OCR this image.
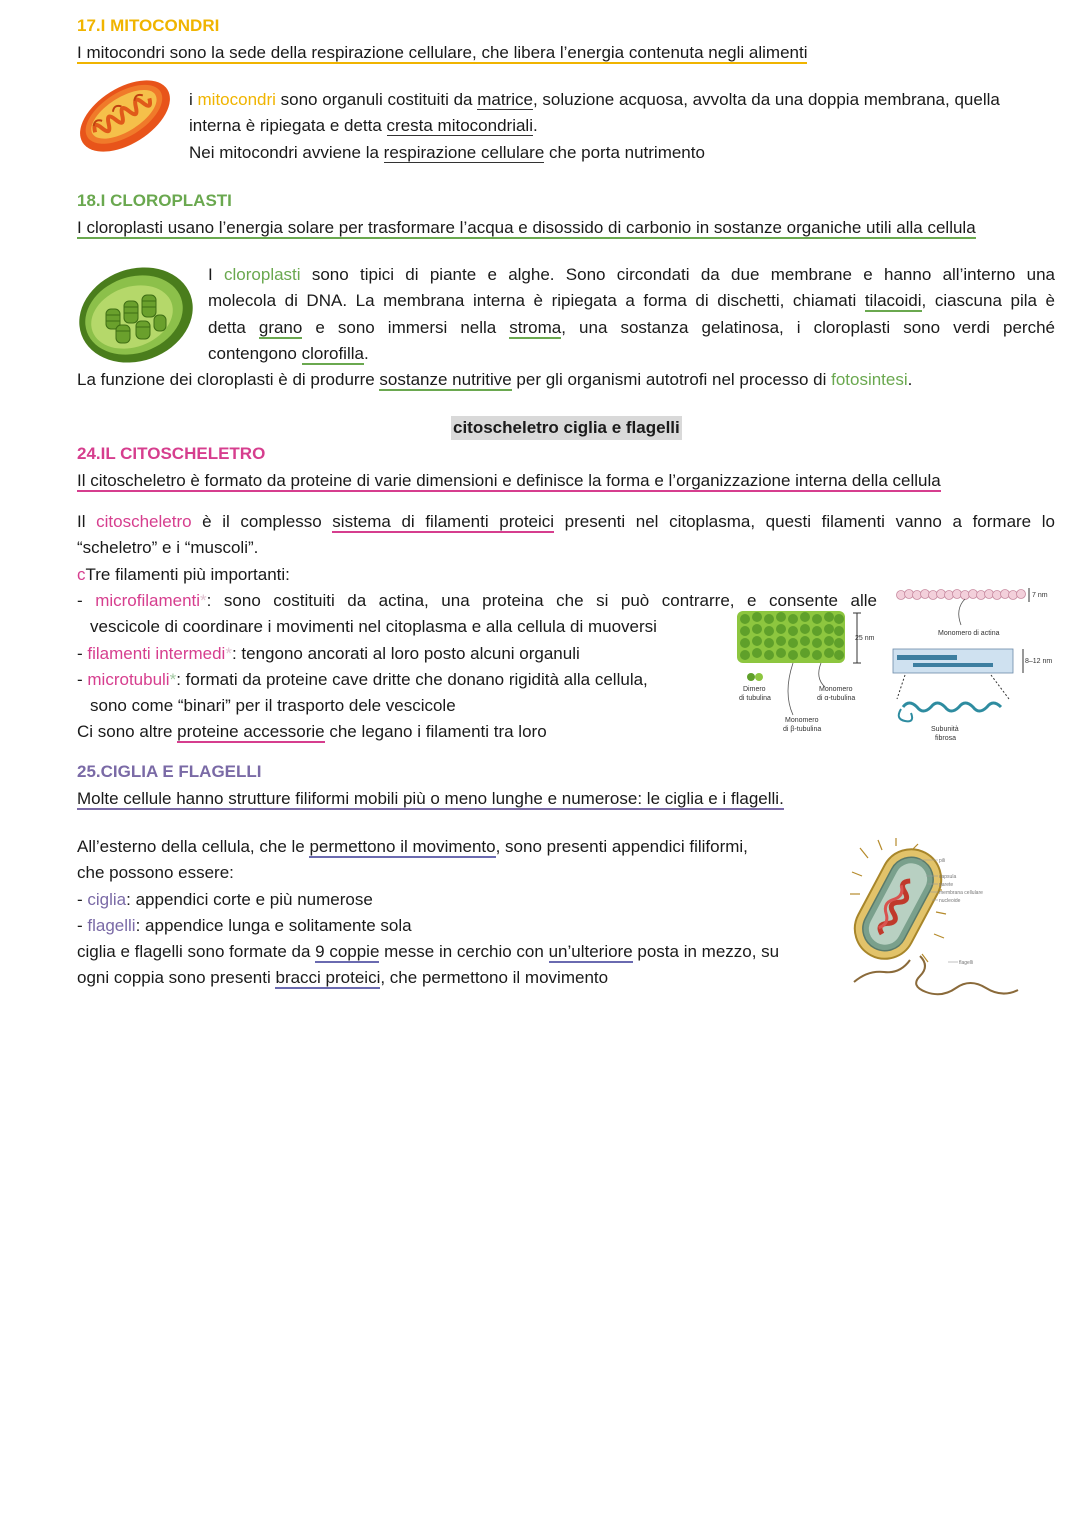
17.I MITOCONDRI
I mitocondri sono la sede della respirazione cellulare, che libera l’energia contenuta negli alimenti

i mitocondri sono organuli costituiti da matrice, soluzione acquosa, avvolta da una doppia membrana, quella

interna è ripiegata e detta cresta mitocondriali.

Nei mitocondri avviene la respirazione cellulare che porta nutrimento

18.I CLOROPLASTI
I cloroplasti usano l’energia solare per trasformare l’acqua e disossido di carbonio in sostanze organiche utili alla cellula

I cloroplasti sono tipici di piante e alghe. Sono circondati da due membrane e hanno all’interno una

molecola di DNA. La membrana interna è ripiegata a forma di dischetti, chiamati tilacoidi, ciascuna pila è

detta grano e sono immersi nella stroma, una sostanza gelatinosa, i cloroplasti sono verdi perché

contengono clorofilla.

La funzione dei cloroplasti è di produrre sostanze nutritive per gli organismi autotrofi nel processo di fotosintesi.

citoscheletro ciglia e flagelli
24.IL CITOSCHELETRO
Il citoscheletro è formato da proteine di varie dimensioni e definisce la forma e l’organizzazione interna della cellula

Il citoscheletro è il complesso sistema di filamenti proteici presenti nel citoplasma, questi filamenti vanno a formare lo

“scheletro” e i “muscoli”.

cTre filamenti più importanti:

- microfilamenti*: sono costituiti da actina, una proteina che si può contrarre, e consente alle

vescicole di coordinare i movimenti nel citoplasma e alla cellula di muoversi

- filamenti intermedi*: tengono ancorati al loro posto alcuni organuli

- microtubuli*: formati da proteine cave dritte che donano rigidità alla cellula,

sono come “binari” per il trasporto dele vescicole

Ci sono altre proteine accessorie che legano i filamenti tra loro

25 nm
Dimero
di tubulina
Monomero
di α-tubulina
Monomero
di β-tubulina
7 nm
Monomero di actina
8–12 nm
Subunità
fibrosa
25.CIGLIA E FLAGELLI
Molte cellule hanno strutture filiformi mobili più o meno lunghe e numerose: le ciglia e i flagelli.

All’esterno della cellula, che le permettono il movimento, sono presenti appendici filiformi,

che possono essere:

- ciglia: appendici corte e più numerose

- flagelli: appendice lunga e solitamente sola

ciglia e flagelli sono formate da 9 coppie messe in cerchio con un’ulteriore posta in mezzo, su

ogni coppia sono presenti bracci proteici, che permettono il movimento

pili
capsula
parete
membrana cellulare
nucleoide
flagelli
